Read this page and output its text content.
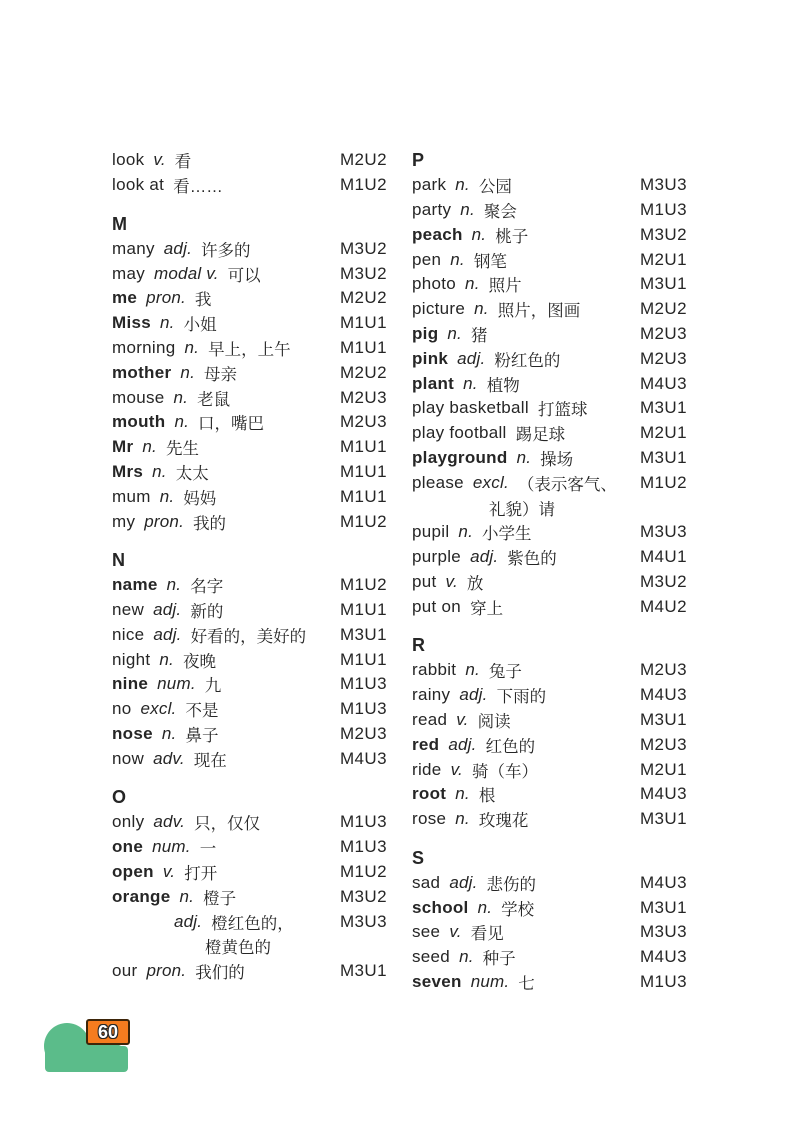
look v. 看	M2U2
look at 看……	M1U2
M
many adj. 许多的	M3U2
may modal v. 可以	M3U2
me pron. 我	M2U2
Miss n. 小姐	M1U1
morning n. 早上，上午	M1U1
mother n. 母亲	M2U2
mouse n. 老鼠	M2U3
mouth n. 口，嘴巴	M2U3
Mr n. 先生	M1U1
Mrs n. 太太	M1U1
mum n. 妈妈	M1U1
my pron. 我的	M1U2
N
name n. 名字	M1U2
new adj. 新的	M1U1
nice adj. 好看的，美好的 M3U1
night n. 夜晚	M1U1
nine num. 九	M1U3
no excl. 不是	M1U3
nose n. 鼻子	M2U3
now adv. 现在	M4U3
O
only adv. 只，仅仅	M1U3
one num. 一	M1U3
open v. 打开	M1U2
orange n. 橙子	M3U2
adj. 橙红色的，	M3U3
橙黄色的
our pron. 我们的	M3U1
P
park n. 公园	M3U3
party n. 聚会	M1U3
peach n. 桃子	M3U2
pen n. 钢笔	M2U1
photo n. 照片	M3U1
picture n. 照片，图画	M2U2
pig n. 猪	M2U3
pink adj. 粉红色的	M2U3
plant n. 植物	M4U3
play basketball 打篮球	M3U1
play football 踢足球	M2U1
playground n. 操场	M3U1
please excl. （表示客气、 M1U2
礼貌）请
pupil n. 小学生	M3U3
purple adj. 紫色的	M4U1
put v. 放	M3U2
put on 穿上	M4U2
R
rabbit n. 兔子	M2U3
rainy adj. 下雨的	M4U3
read v. 阅读	M3U1
red adj. 红色的	M2U3
ride v. 骑（车）	M2U1
root n. 根	M4U3
rose n. 玫瑰花	M3U1
S
sad adj. 悲伤的	M4U3
school n. 学校	M3U1
see v. 看见	M3U3
seed n. 种子	M4U3
seven num. 七	M1U3
60
